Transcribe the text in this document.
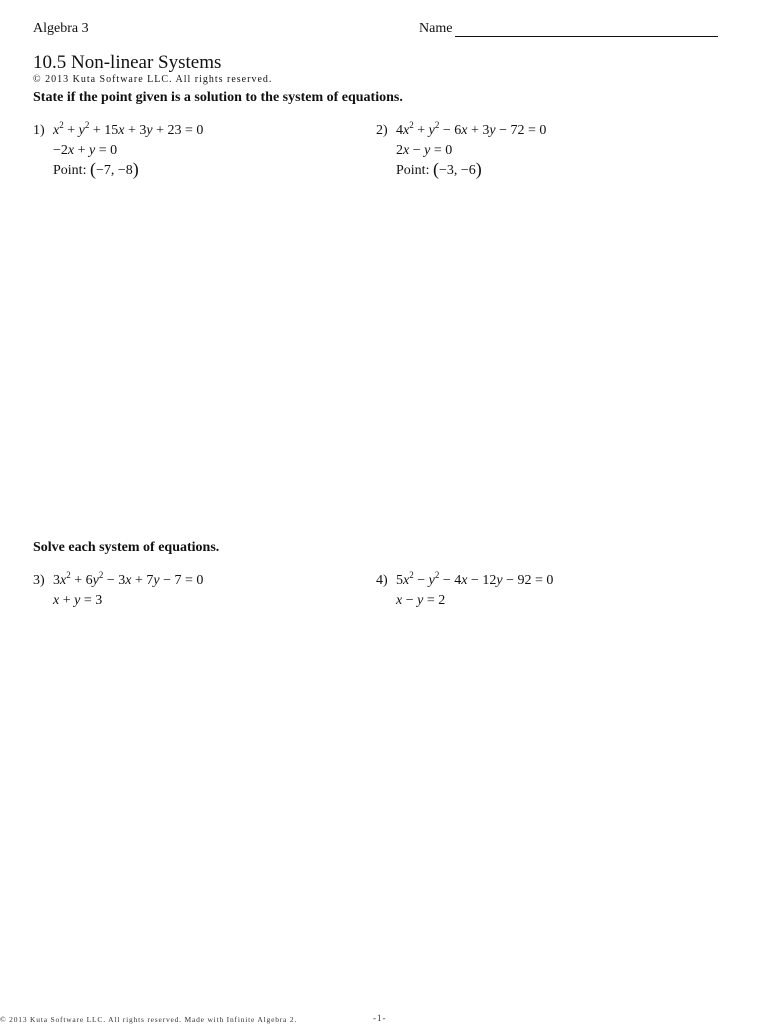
Algebra 3	Name
10.5 Non-linear Systems
© 2013 Kuta Software LLC. All rights reserved.
State if the point given is a solution to the system of equations.
1) $x^2 + y^2 + 15x + 3y + 23 = 0$
−2x + y = 0
Point: (−7, −8)
2) $4x^2 + y^2 - 6x + 3y - 72 = 0$
2x − y = 0
Point: (−3, −6)
Solve each system of equations.
3) $3x^2 + 6y^2 - 3x + 7y - 7 = 0$
x + y = 3
4) $5x^2 - y^2 - 4x - 12y - 92 = 0$
x − y = 2
© 2013 Kuta Software LLC. All rights reserved. Made with Infinite Algebra 2.	-1-
